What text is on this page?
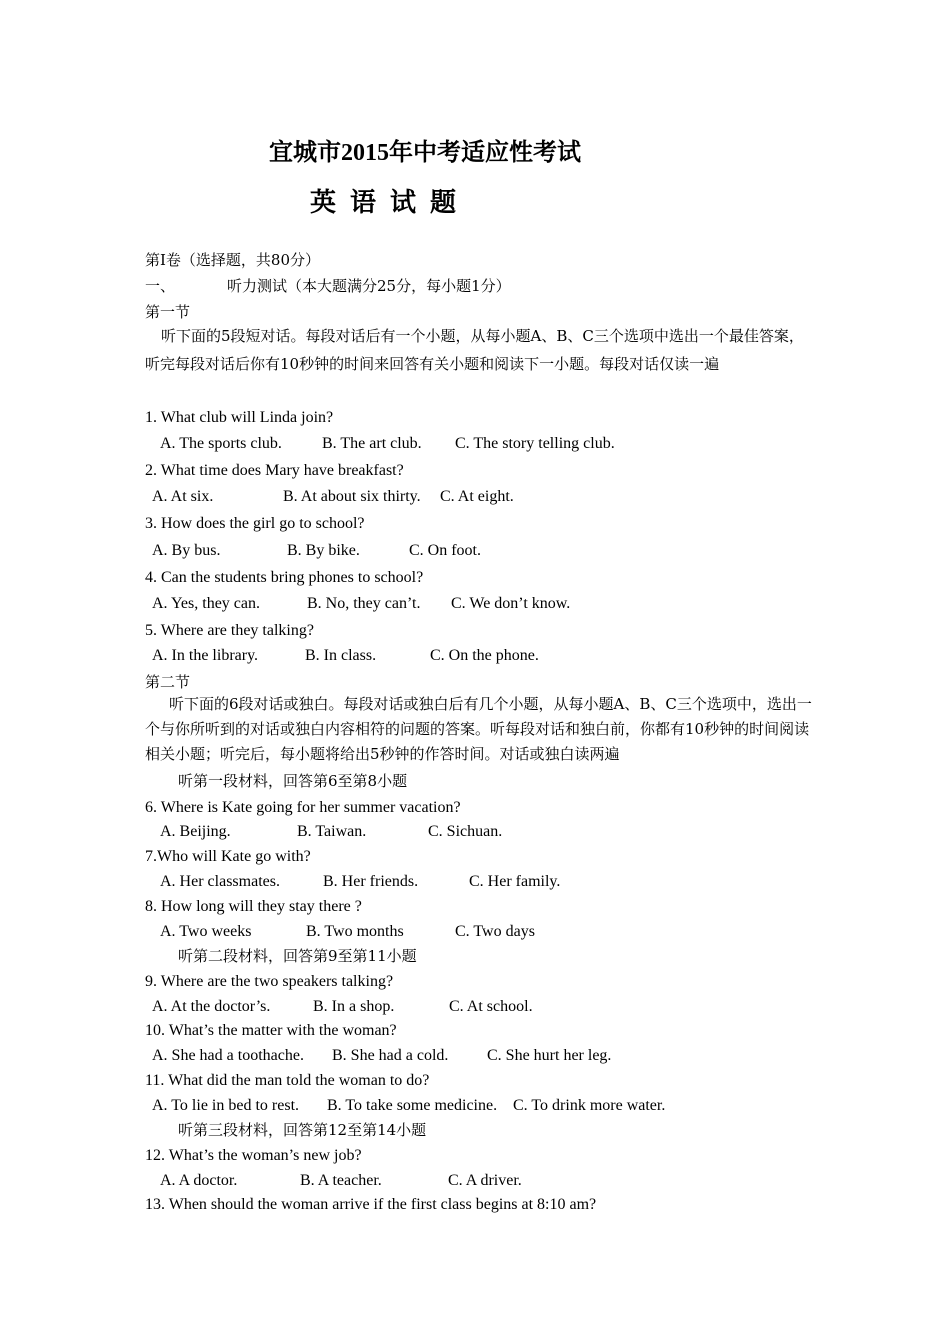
宜城市2015年中考适应性考试
英语试题
第Ⅰ卷（选择题，共80分）
一、	听力测试（本大题满分25分，每小题1分）
第一节
听下面的5段短对话。每段对话后有一个小题，从每小题A、B、C三个选项中选出一个最佳答案，听完每段对话后你有10秒钟的时间来回答有关小题和阅读下一小题。每段对话仅读一遍
1. What club will Linda join?
A. The sports club.	B. The art club. C. The story telling club.
2. What time does Mary have breakfast?
A. At six.	B. At about six thirty. C. At eight.
3. How does the girl go to school?
A. By bus.	B. By bike.	C. On foot.
4. Can the students bring phones to school?
A. Yes, they can.	B. No, they can’t. C. We don’t know.
5. Where are they talking?
A. In the library.	B. In class.	C. On the phone.
第二节
听下面的6段对话或独白。每段对话或独白后有几个小题，从每小题A、B、C三个选项中，选出一个与你所听到的对话或独白内容相符的问题的答案。听每段对话和独白前，你都有10秒钟的时间阅读相关小题；听完后，每小题将给出5秒钟的作答时间。对话或独白读两遍
听第一段材料，回答第6至第8小题
6. Where is Kate going for her summer vacation?
A. Beijing.	B. Taiwan.	C. Sichuan.
7.Who will Kate go with?
A. Her classmates.	B. Her friends.	C. Her family.
8. How long will they stay there ?
A. Two weeks	B. Two months	C. Two days
听第二段材料，回答第9至第11小题
9. Where are the two speakers talking?
A. At the doctor’s.	B. In a shop.	C. At school.
10. What’s the matter with the woman?
A. She had a toothache. B. She had a cold. C. She hurt her leg.
11. What did the man told the woman to do?
A. To lie in bed to rest. B. To take some medicine. C. To drink more water.
听第三段材料，回答第12至第14小题
12. What’s the woman’s new job?
A. A doctor.	B. A teacher.	C. A driver.
13. When should the woman arrive if the first class begins at 8:10 am?
